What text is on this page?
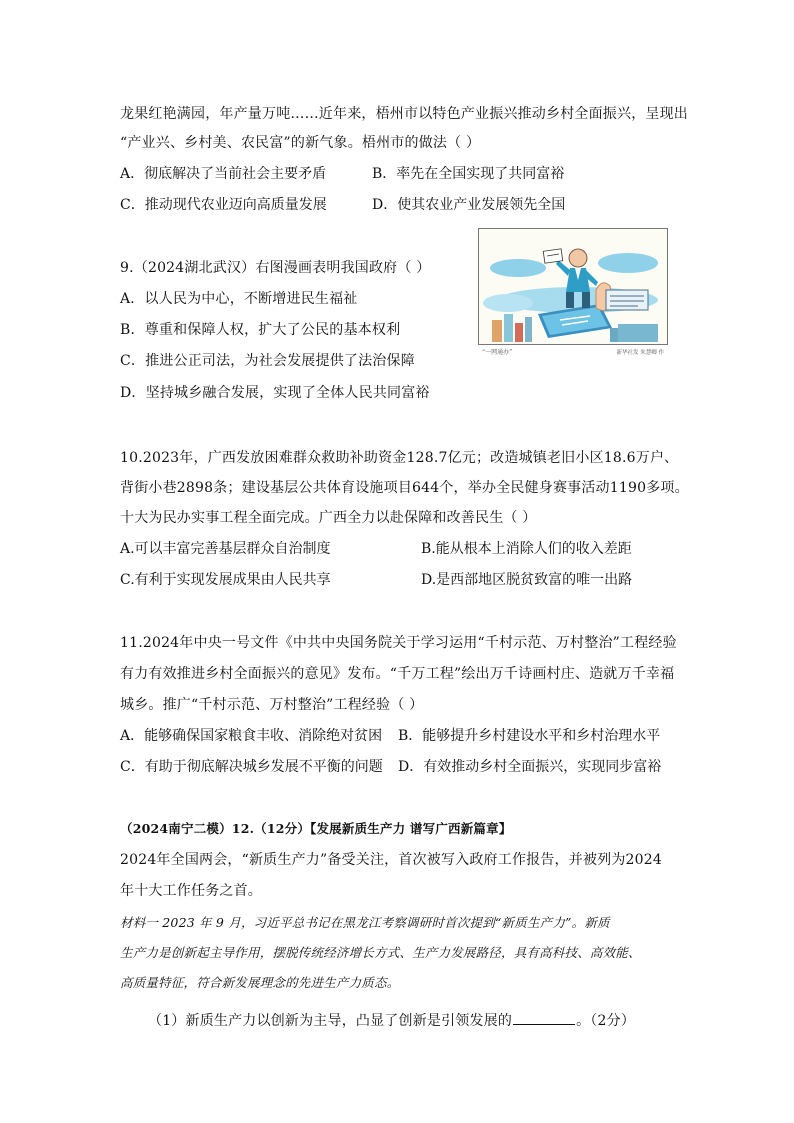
龙果红艳满园，年产量万吨……近年来，梧州市以特色产业振兴推动乡村全面振兴，呈现出
“产业兴、乡村美、农民富”的新气象。梧州市的做法（ ）
A．彻底解决了当前社会主要矛盾	B．率先在全国实现了共同富裕
C．推动现代农业迈向高质量发展	D．使其农业产业发展领先全国
9.（2024湖北武汉）右图漫画表明我国政府（ ）
A．以人民为中心，不断增进民生福祉
B．尊重和保障人权，扩大了公民的基本权利
C．推进公正司法，为社会发展提供了法治保障
D．坚持城乡融合发展，实现了全体人民共同富裕
“一网通办”	新华社发 朱慧卿 作
10.2023年，广西发放困难群众救助补助资金128.7亿元；改造城镇老旧小区18.6万户、
背街小巷2898条；建设基层公共体育设施项目644个，举办全民健身赛事活动1190多项。
十大为民办实事工程全面完成。广西全力以赴保障和改善民生（ ）
A.可以丰富完善基层群众自治制度	B.能从根本上消除人们的收入差距
C.有利于实现发展成果由人民共享	D.是西部地区脱贫致富的唯一出路
11.2024年中央一号文件《中共中央国务院关于学习运用“千村示范、万村整治”工程经验
有力有效推进乡村全面振兴的意见》发布。“千万工程”绘出万千诗画村庄、造就万千幸福
城乡。推广“千村示范、万村整治”工程经验（ ）
A．能够确保国家粮食丰收、消除绝对贫困 B．能够提升乡村建设水平和乡村治理水平
C．有助于彻底解决城乡发展不平衡的问题 D．有效推动乡村全面振兴，实现同步富裕
（2024南宁二模）12.（12分）【发展新质生产力 谱写广西新篇章】
2024年全国两会，“新质生产力”备受关注，首次被写入政府工作报告，并被列为2024
年十大工作任务之首。
材料一 2023 年 9 月，习近平总书记在黑龙江考察调研时首次提到“新质生产力”。新质
生产力是创新起主导作用，摆脱传统经济增长方式、生产力发展路径，具有高科技、高效能、
高质量特征，符合新发展理念的先进生产力质态。
（1）新质生产力以创新为主导，凸显了创新是引领发展的	。（2分）
